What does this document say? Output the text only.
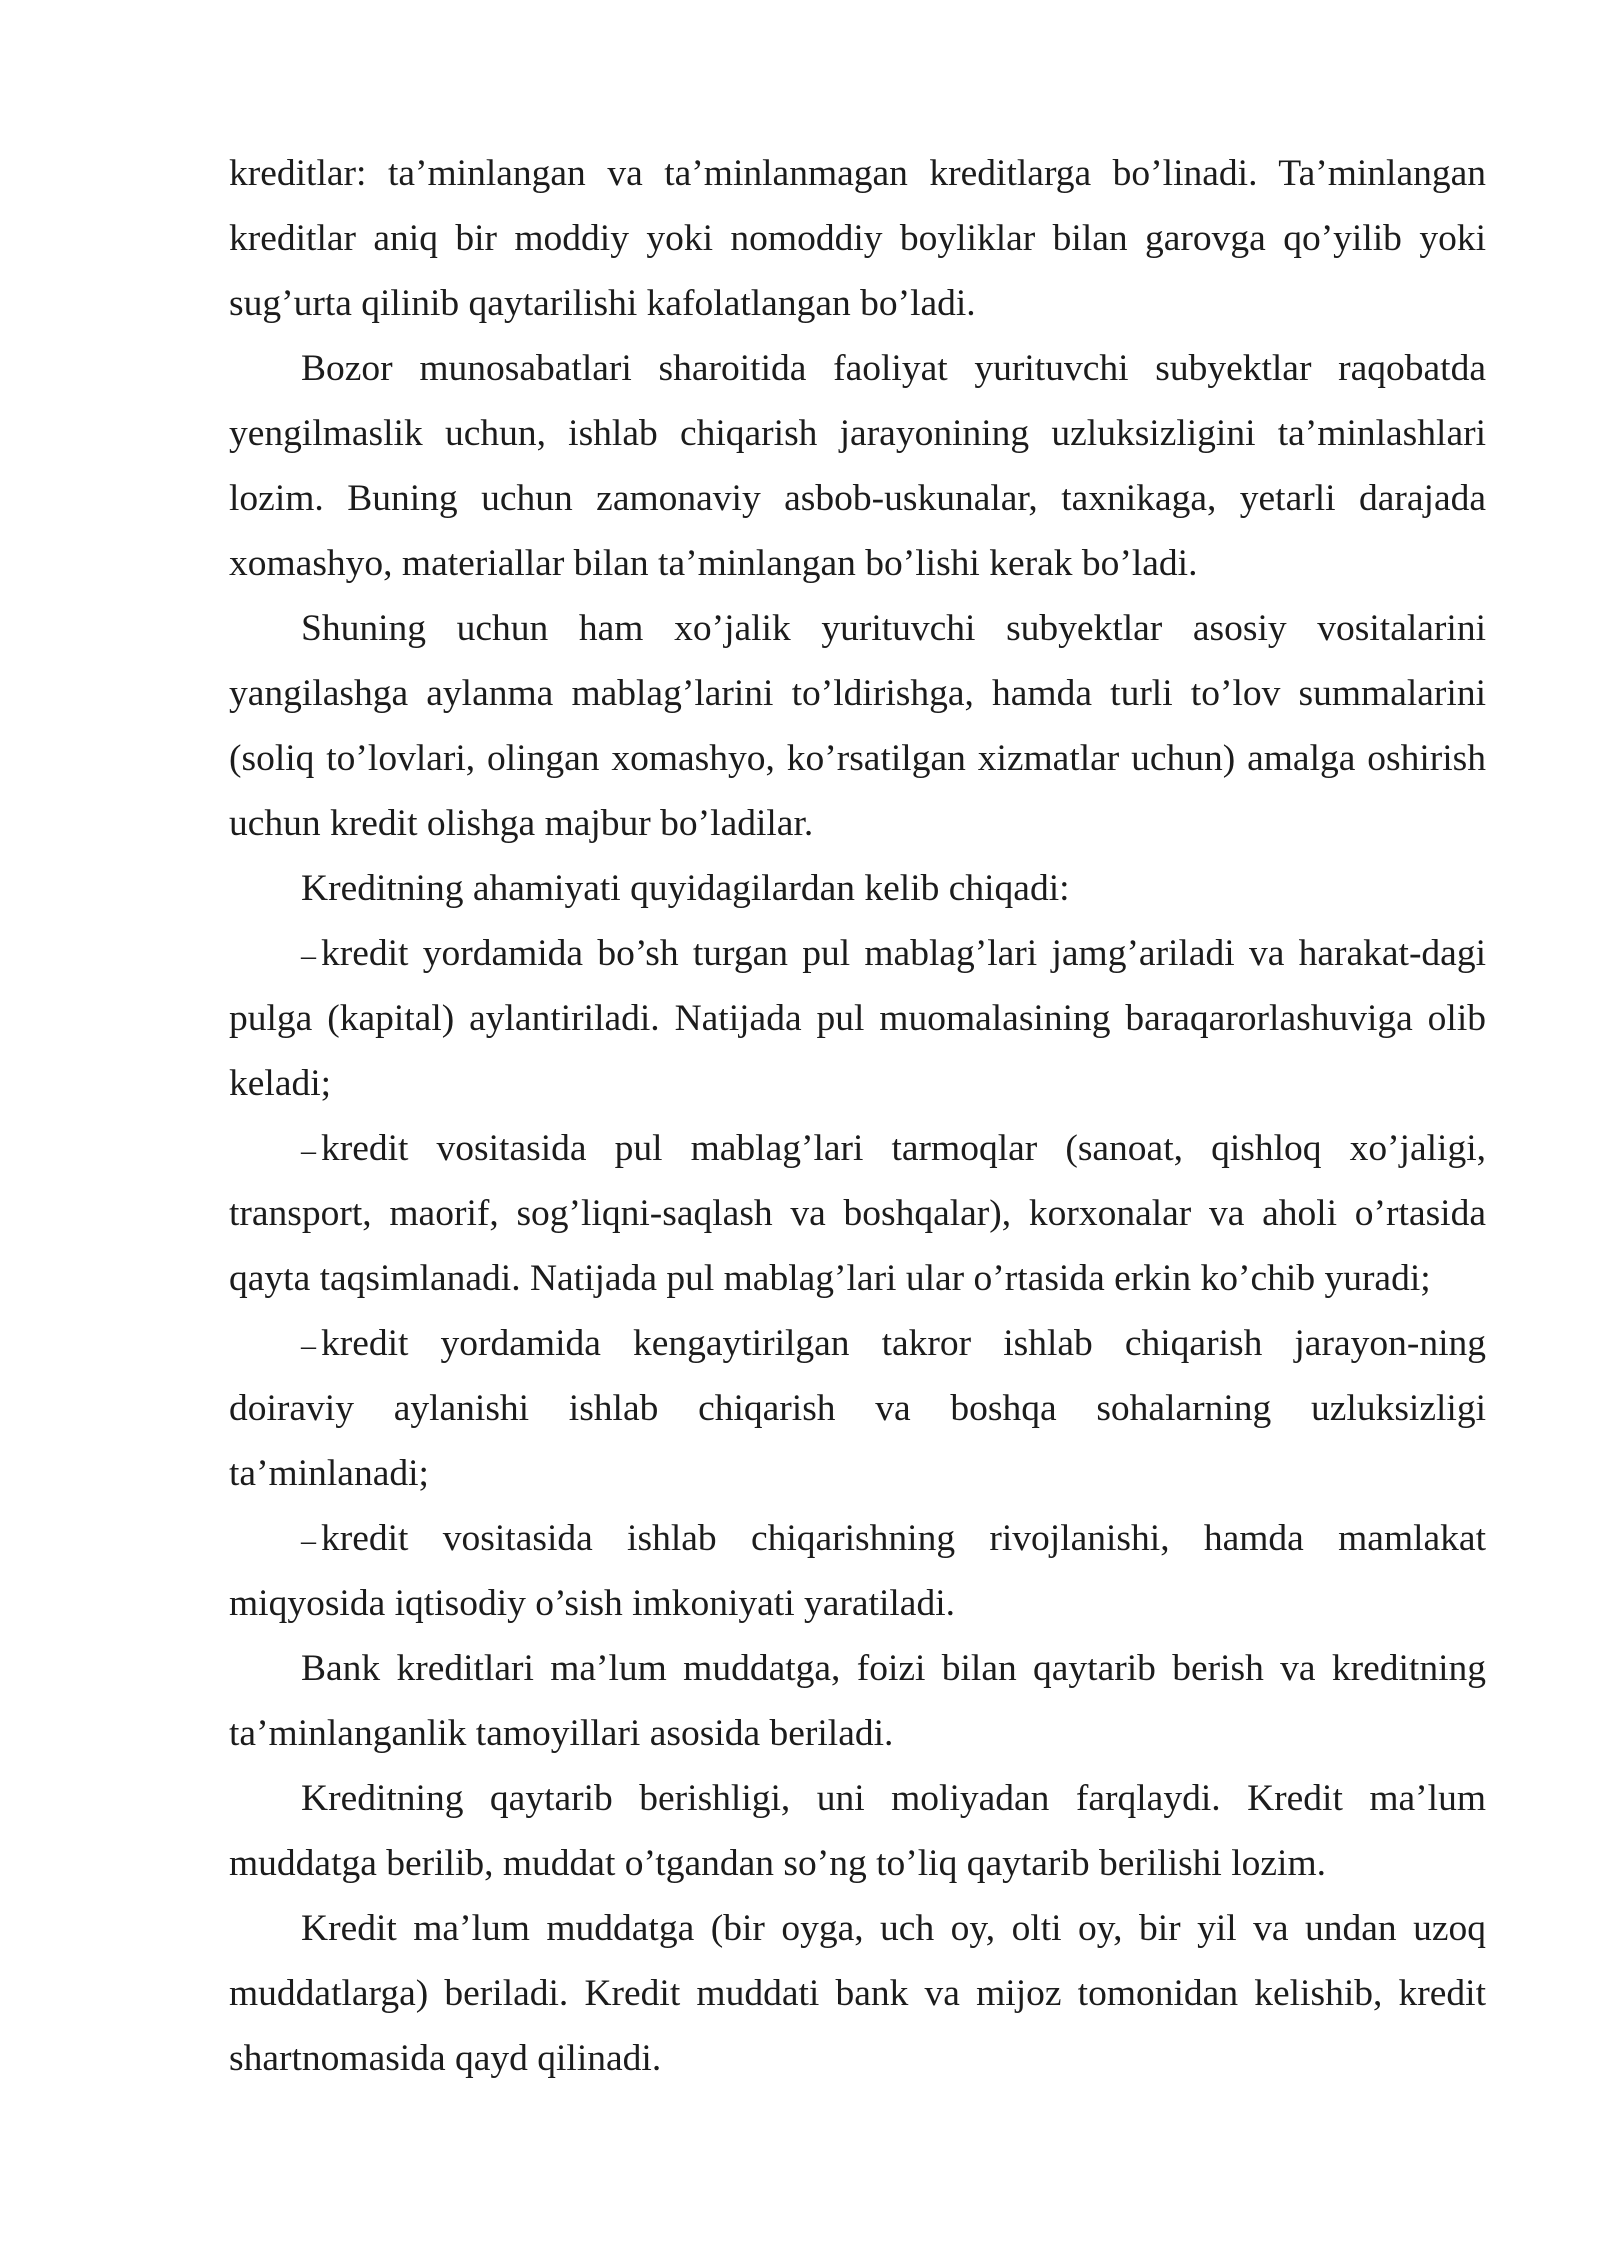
kreditlar: ta’minlangan va ta’minlanmagan kreditlarga bo’linadi. Ta’minlangan
kreditlar aniq bir moddiy yoki nomoddiy boyliklar bilan garovga qo’yilib yoki
sug’urta qilinib qaytarilishi kafolatlangan bo’ladi.
Bozor munosabatlari sharoitida faoliyat yurituvchi subyektlar raqobatda
yengilmaslik uchun, ishlab chiqarish jarayonining uzluksizligini ta’minlashlari
lozim. Buning uchun zamonaviy asbob-uskunalar, taxnikaga, yetarli darajada
xomashyo, materiallar bilan ta’minlangan bo’lishi kerak bo’ladi.
Shuning uchun ham xo’jalik yurituvchi subyektlar asosiy vositalarini
yangilashga aylanma mablag’larini to’ldirishga, hamda turli to’lov summalarini
(soliq to’lovlari, olingan xomashyo, ko’rsatilgan xizmatlar uchun) amalga oshirish
uchun kredit olishga majbur bo’ladilar.
Kreditning ahamiyati quyidagilardan kelib chiqadi:
– kredit yordamida bo’sh turgan pul mablag’lari jamg’ariladi va harakat-dagi
pulga (kapital) aylantiriladi. Natijada pul muomalasining baraqarorlashuviga olib
keladi;
– kredit vositasida pul mablag’lari tarmoqlar (sanoat, qishloq xo’jaligi,
transport, maorif, sog’liqni-saqlash va boshqalar), korxonalar va aholi o’rtasida
qayta taqsimlanadi. Natijada pul mablag’lari ular o’rtasida erkin ko’chib yuradi;
– kredit yordamida kengaytirilgan takror ishlab chiqarish jarayon-ning
doiraviy aylanishi ishlab chiqarish va boshqa sohalarning uzluksizligi
ta’minlanadi;
– kredit vositasida ishlab chiqarishning rivojlanishi, hamda mamlakat
miqyosida iqtisodiy o’sish imkoniyati yaratiladi.
Bank kreditlari ma’lum muddatga, foizi bilan qaytarib berish va kreditning
ta’minlanganlik tamoyillari asosida beriladi.
Kreditning qaytarib berishligi, uni moliyadan farqlaydi. Kredit ma’lum
muddatga berilib, muddat o’tgandan so’ng to’liq qaytarib berilishi lozim.
Kredit ma’lum muddatga (bir oyga, uch oy, olti oy, bir yil va undan uzoq
muddatlarga) beriladi. Kredit muddati bank va mijoz tomonidan kelishib, kredit
shartnomasida qayd qilinadi.
